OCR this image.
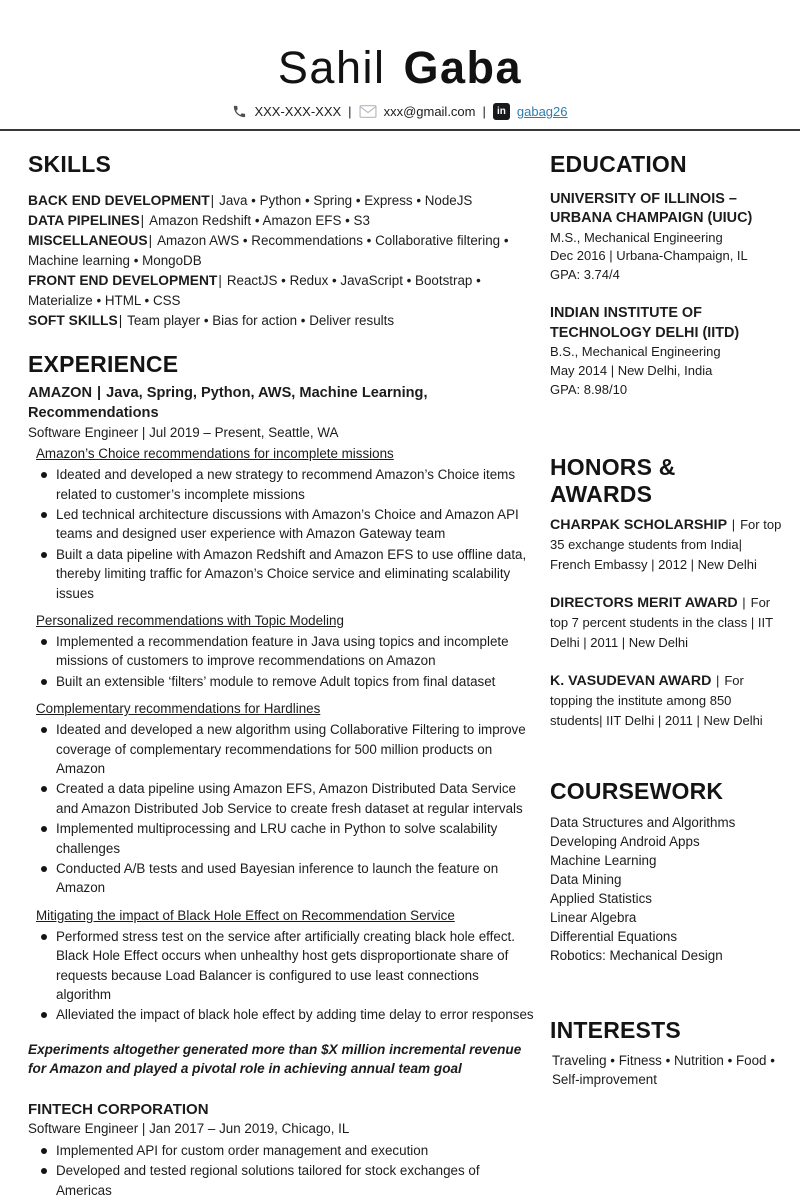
Sahil Gaba
XXX-XXX-XXX | xxx@gmail.com | in gabag26
SKILLS

BACK END DEVELOPMENT| Java • Python • Spring • Express • NodeJS

DATA PIPELINES| Amazon Redshift • Amazon EFS • S3

MISCELLANEOUS| Amazon AWS • Recommendations • Collaborative filtering • Machine learning • MongoDB

FRONT END DEVELOPMENT| ReactJS • Redux • JavaScript • Bootstrap • Materialize • HTML • CSS

SOFT SKILLS| Team player • Bias for action • Deliver results

EXPERIENCE

AMAZON | Java, Spring, Python, AWS, Machine Learning, Recommendations

Software Engineer | Jul 2019 – Present, Seattle, WA

Amazon’s Choice recommendations for incomplete missions
Ideated and developed a new strategy to recommend Amazon’s Choice items related to customer’s incomplete missions
Led technical architecture discussions with Amazon’s Choice and Amazon API teams and designed user experience with Amazon Gateway team
Built a data pipeline with Amazon Redshift and Amazon EFS to use offline data, thereby limiting traffic for Amazon’s Choice service and eliminating scalability issues
Personalized recommendations with Topic Modeling
Implemented a recommendation feature in Java using topics and incomplete missions of customers to improve recommendations on Amazon
Built an extensible ‘filters’ module to remove Adult topics from final dataset
Complementary recommendations for Hardlines
Ideated and developed a new algorithm using Collaborative Filtering to improve coverage of complementary recommendations for 500 million products on Amazon
Created a data pipeline using Amazon EFS, Amazon Distributed Data Service and Amazon Distributed Job Service to create fresh dataset at regular intervals
Implemented multiprocessing and LRU cache in Python to solve scalability challenges
Conducted A/B tests and used Bayesian inference to launch the feature on Amazon
Mitigating the impact of Black Hole Effect on Recommendation Service
Performed stress test on the service after artificially creating black hole effect. Black Hole Effect occurs when unhealthy host gets disproportionate share of requests because Load Balancer is configured to use least connections algorithm
Alleviated the impact of black hole effect by adding time delay to error responses

Experiments altogether generated more than $X million incremental revenue for Amazon and played a pivotal role in achieving annual team goal

FINTECH CORPORATION

Software Engineer | Jan 2017 – Jun 2019, Chicago, IL

Implemented API for custom order management and execution
Developed and tested regional solutions tailored for stock exchanges of Americas
EDUCATION

UNIVERSITY OF ILLINOIS – URBANA CHAMPAIGN (UIUC)

M.S., Mechanical Engineering

Dec 2016 | Urbana-Champaign, IL

GPA: 3.74/4

INDIAN INSTITUTE OF TECHNOLOGY DELHI (IITD)

B.S., Mechanical Engineering

May 2014 | New Delhi, India

GPA: 8.98/10

HONORS & AWARDS

CHARPAK SCHOLARSHIP | For top 35 exchange students from India| French Embassy | 2012 | New Delhi

DIRECTORS MERIT AWARD | For top 7 percent students in the class | IIT Delhi | 2011 | New Delhi

K. VASUDEVAN AWARD | For topping the institute among 850 students| IIT Delhi | 2011 | New Delhi

COURSEWORK

Data Structures and Algorithms

Developing Android Apps

Machine Learning

Data Mining

Applied Statistics

Linear Algebra

Differential Equations

Robotics: Mechanical Design

INTERESTS

Traveling • Fitness • Nutrition • Food • Self-improvement
